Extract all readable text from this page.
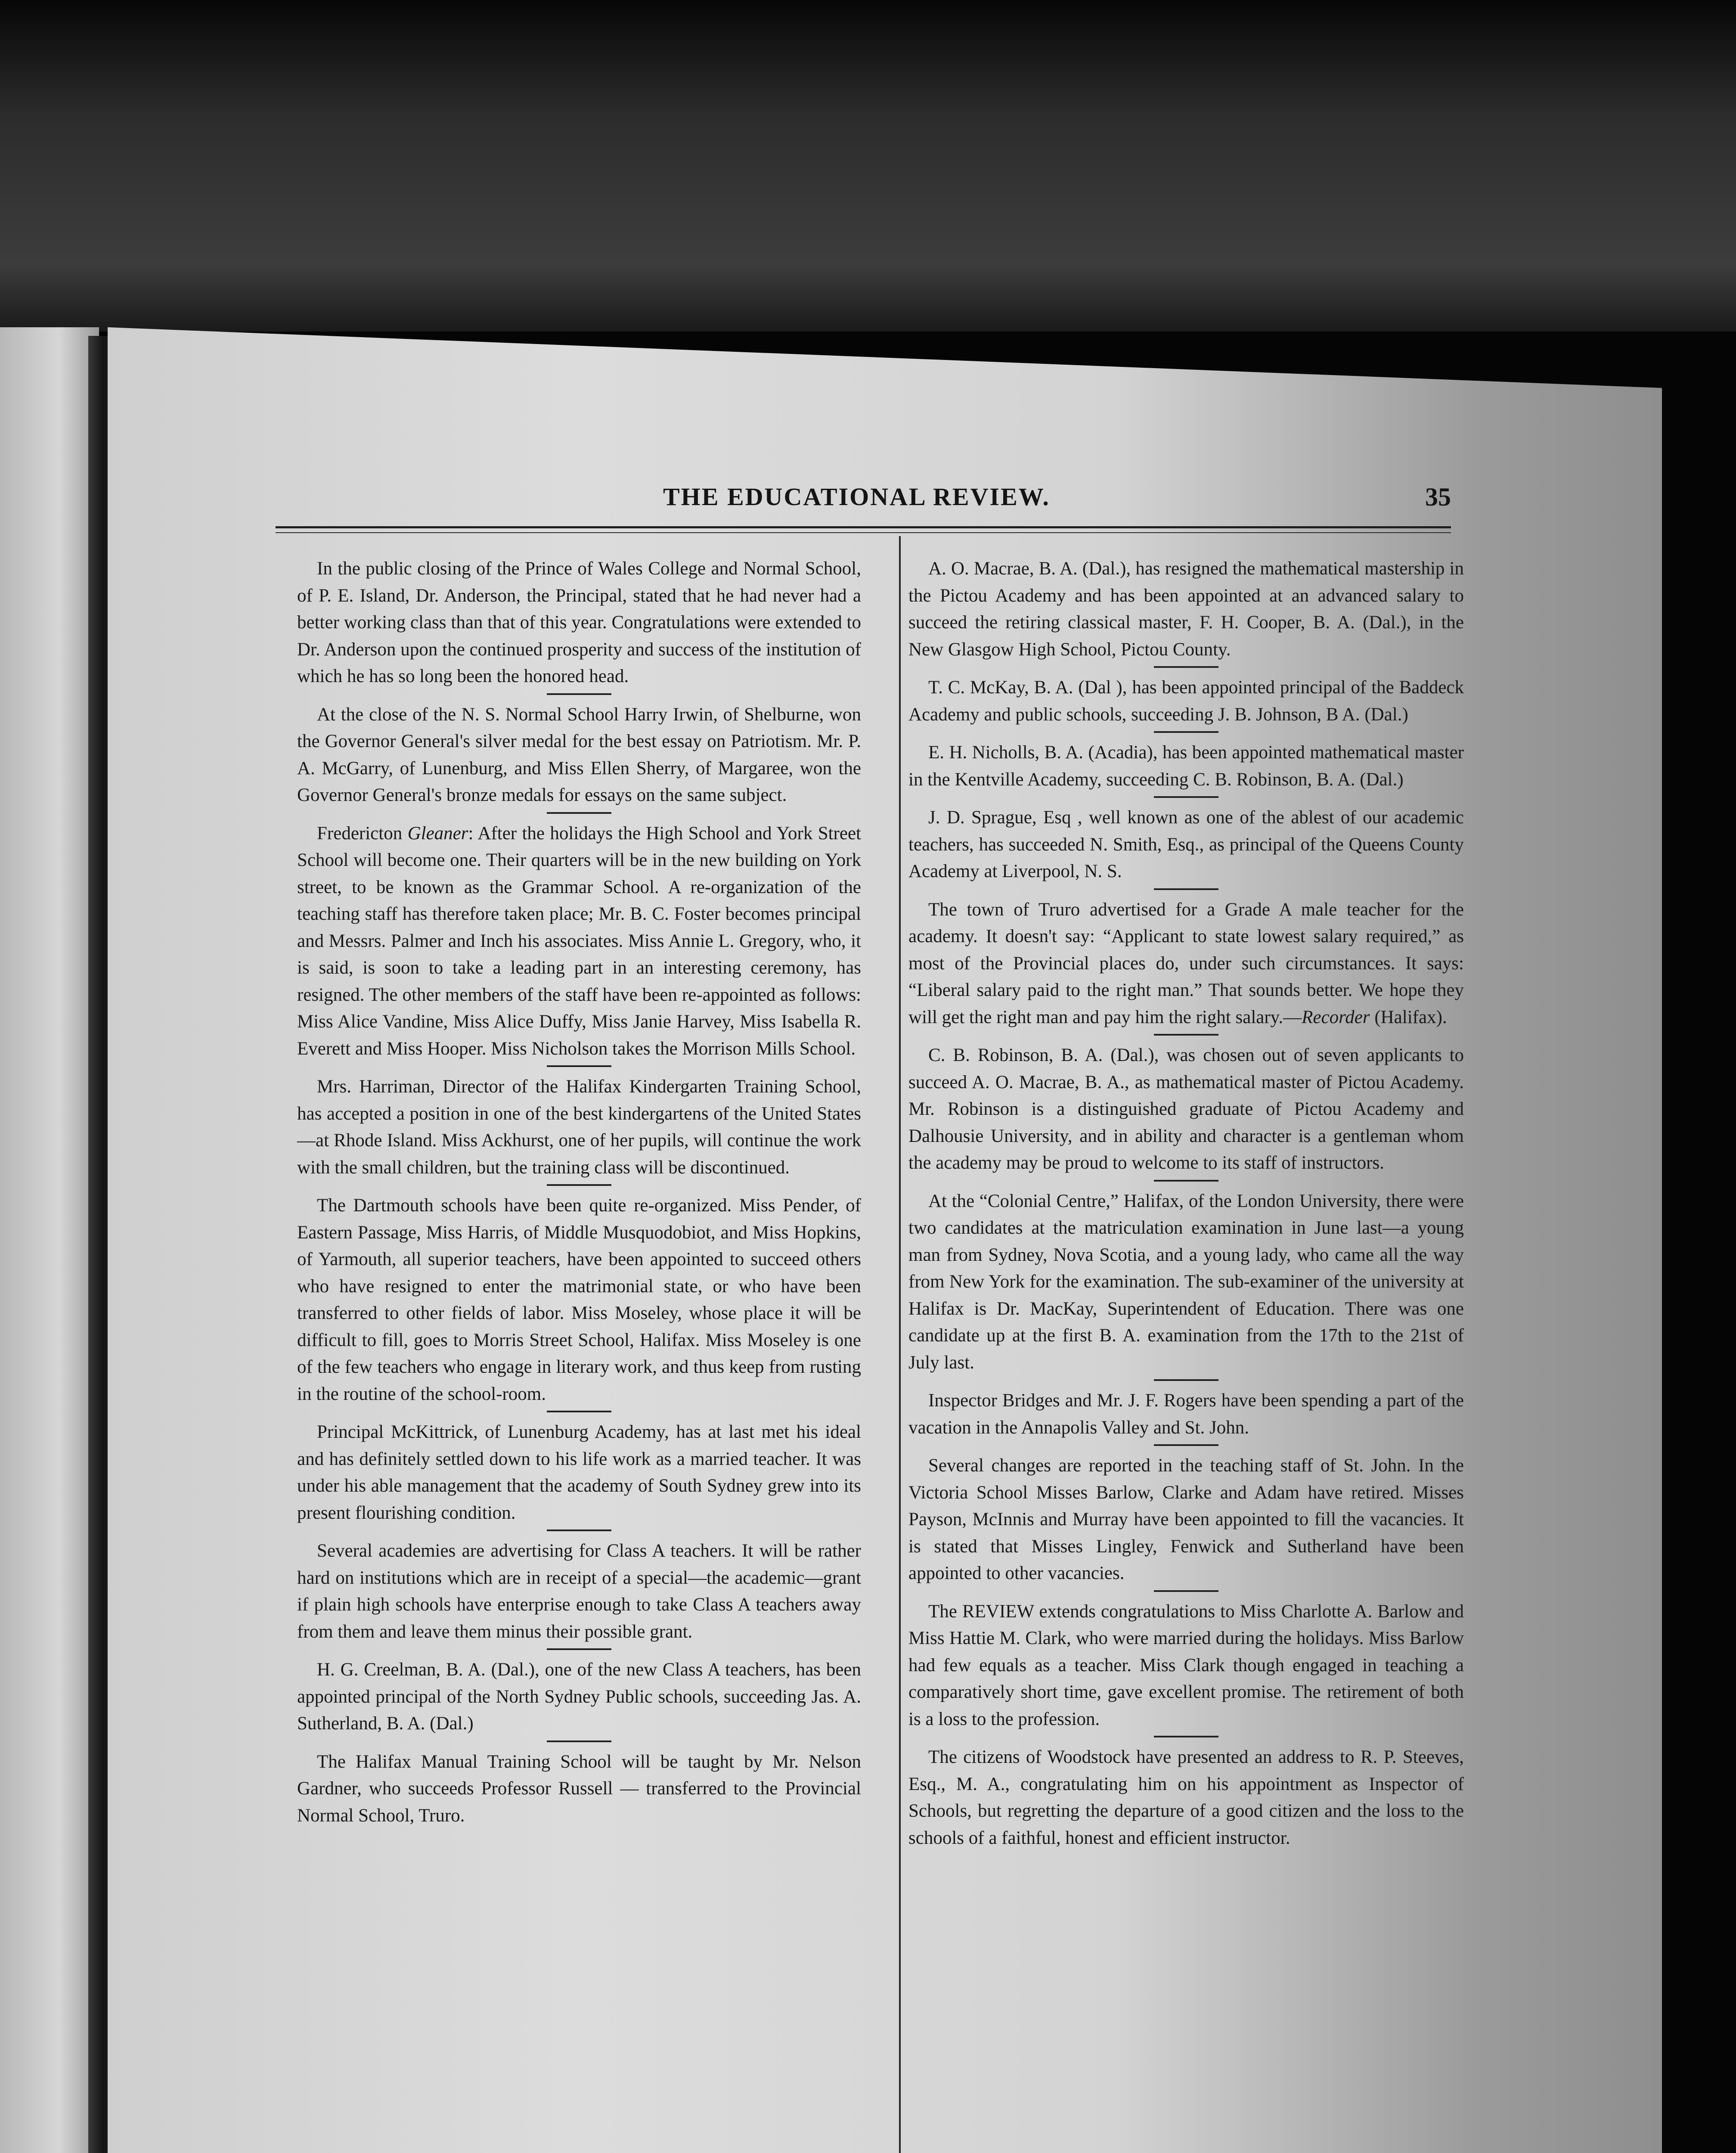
THE EDUCATIONAL REVIEW.	35

In the public closing of the Prince of Wales College and Normal School, of P. E. Island, Dr. Anderson, the Principal, stated that he had never had a better working class than that of this year. Congratulations were extended to Dr. Anderson upon the continued prosperity and success of the institution of which he has so long been the honored head.

At the close of the N. S. Normal School Harry Irwin, of Shelburne, won the Governor General's silver medal for the best essay on Patriotism. Mr. P. A. McGarry, of Lunenburg, and Miss Ellen Sherry, of Margaree, won the Governor General's bronze medals for essays on the same subject.

Fredericton Gleaner: After the holidays the High School and York Street School will become one. Their quarters will be in the new building on York street, to be known as the Grammar School. A re-organization of the teaching staff has therefore taken place; Mr. B. C. Foster becomes principal and Messrs. Palmer and Inch his associates. Miss Annie L. Gregory, who, it is said, is soon to take a leading part in an interesting ceremony, has resigned. The other members of the staff have been re-appointed as follows: Miss Alice Vandine, Miss Alice Duffy, Miss Janie Harvey, Miss Isabella R. Everett and Miss Hooper. Miss Nicholson takes the Morrison Mills School.

Mrs. Harriman, Director of the Halifax Kindergarten Training School, has accepted a position in one of the best kindergartens of the United States—at Rhode Island. Miss Ackhurst, one of her pupils, will continue the work with the small children, but the training class will be discontinued.

The Dartmouth schools have been quite re-organized. Miss Pender, of Eastern Passage, Miss Harris, of Middle Musquodobiot, and Miss Hopkins, of Yarmouth, all superior teachers, have been appointed to succeed others who have resigned to enter the matrimonial state, or who have been transferred to other fields of labor. Miss Moseley, whose place it will be difficult to fill, goes to Morris Street School, Halifax. Miss Moseley is one of the few teachers who engage in literary work, and thus keep from rusting in the routine of the school-room.

Principal McKittrick, of Lunenburg Academy, has at last met his ideal and has definitely settled down to his life work as a married teacher. It was under his able management that the academy of South Sydney grew into its present flourishing condition.

Several academies are advertising for Class A teachers. It will be rather hard on institutions which are in receipt of a special—the academic—grant if plain high schools have enterprise enough to take Class A teachers away from them and leave them minus their possible grant.

H. G. Creelman, B. A. (Dal.), one of the new Class A teachers, has been appointed principal of the North Sydney Public schools, succeeding Jas. A. Sutherland, B. A. (Dal.)

The Halifax Manual Training School will be taught by Mr. Nelson Gardner, who succeeds Professor Russell — transferred to the Provincial Normal School, Truro.

A. O. Macrae, B. A. (Dal.), has resigned the mathematical mastership in the Pictou Academy and has been appointed at an advanced salary to succeed the retiring classical master, F. H. Cooper, B. A. (Dal.), in the New Glasgow High School, Pictou County.

T. C. McKay, B. A. (Dal ), has been appointed principal of the Baddeck Academy and public schools, succeeding J. B. Johnson, B A. (Dal.)

E. H. Nicholls, B. A. (Acadia), has been appointed mathematical master in the Kentville Academy, succeeding C. B. Robinson, B. A. (Dal.)

J. D. Sprague, Esq , well known as one of the ablest of our academic teachers, has succeeded N. Smith, Esq., as principal of the Queens County Academy at Liverpool, N. S.

The town of Truro advertised for a Grade A male teacher for the academy. It doesn't say: “Applicant to state lowest salary required,” as most of the Provincial places do, under such circumstances. It says: “Liberal salary paid to the right man.” That sounds better. We hope they will get the right man and pay him the right salary.—Recorder (Halifax).

C. B. Robinson, B. A. (Dal.), was chosen out of seven applicants to succeed A. O. Macrae, B. A., as mathematical master of Pictou Academy. Mr. Robinson is a distinguished graduate of Pictou Academy and Dalhousie University, and in ability and character is a gentleman whom the academy may be proud to welcome to its staff of instructors.

At the “Colonial Centre,” Halifax, of the London University, there were two candidates at the matriculation examination in June last—a young man from Sydney, Nova Scotia, and a young lady, who came all the way from New York for the examination. The sub-examiner of the university at Halifax is Dr. MacKay, Superintendent of Education. There was one candidate up at the first B. A. examination from the 17th to the 21st of July last.

Inspector Bridges and Mr. J. F. Rogers have been spending a part of the vacation in the Annapolis Valley and St. John.

Several changes are reported in the teaching staff of St. John. In the Victoria School Misses Barlow, Clarke and Adam have retired. Misses Payson, McInnis and Murray have been appointed to fill the vacancies. It is stated that Misses Lingley, Fenwick and Sutherland have been appointed to other vacancies.

The REVIEW extends congratulations to Miss Charlotte A. Barlow and Miss Hattie M. Clark, who were married during the holidays. Miss Barlow had few equals as a teacher. Miss Clark though engaged in teaching a comparatively short time, gave excellent promise. The retirement of both is a loss to the profession.

The citizens of Woodstock have presented an address to R. P. Steeves, Esq., M. A., congratulating him on his appointment as Inspector of Schools, but regretting the departure of a good citizen and the loss to the schools of a faithful, honest and efficient instructor.
